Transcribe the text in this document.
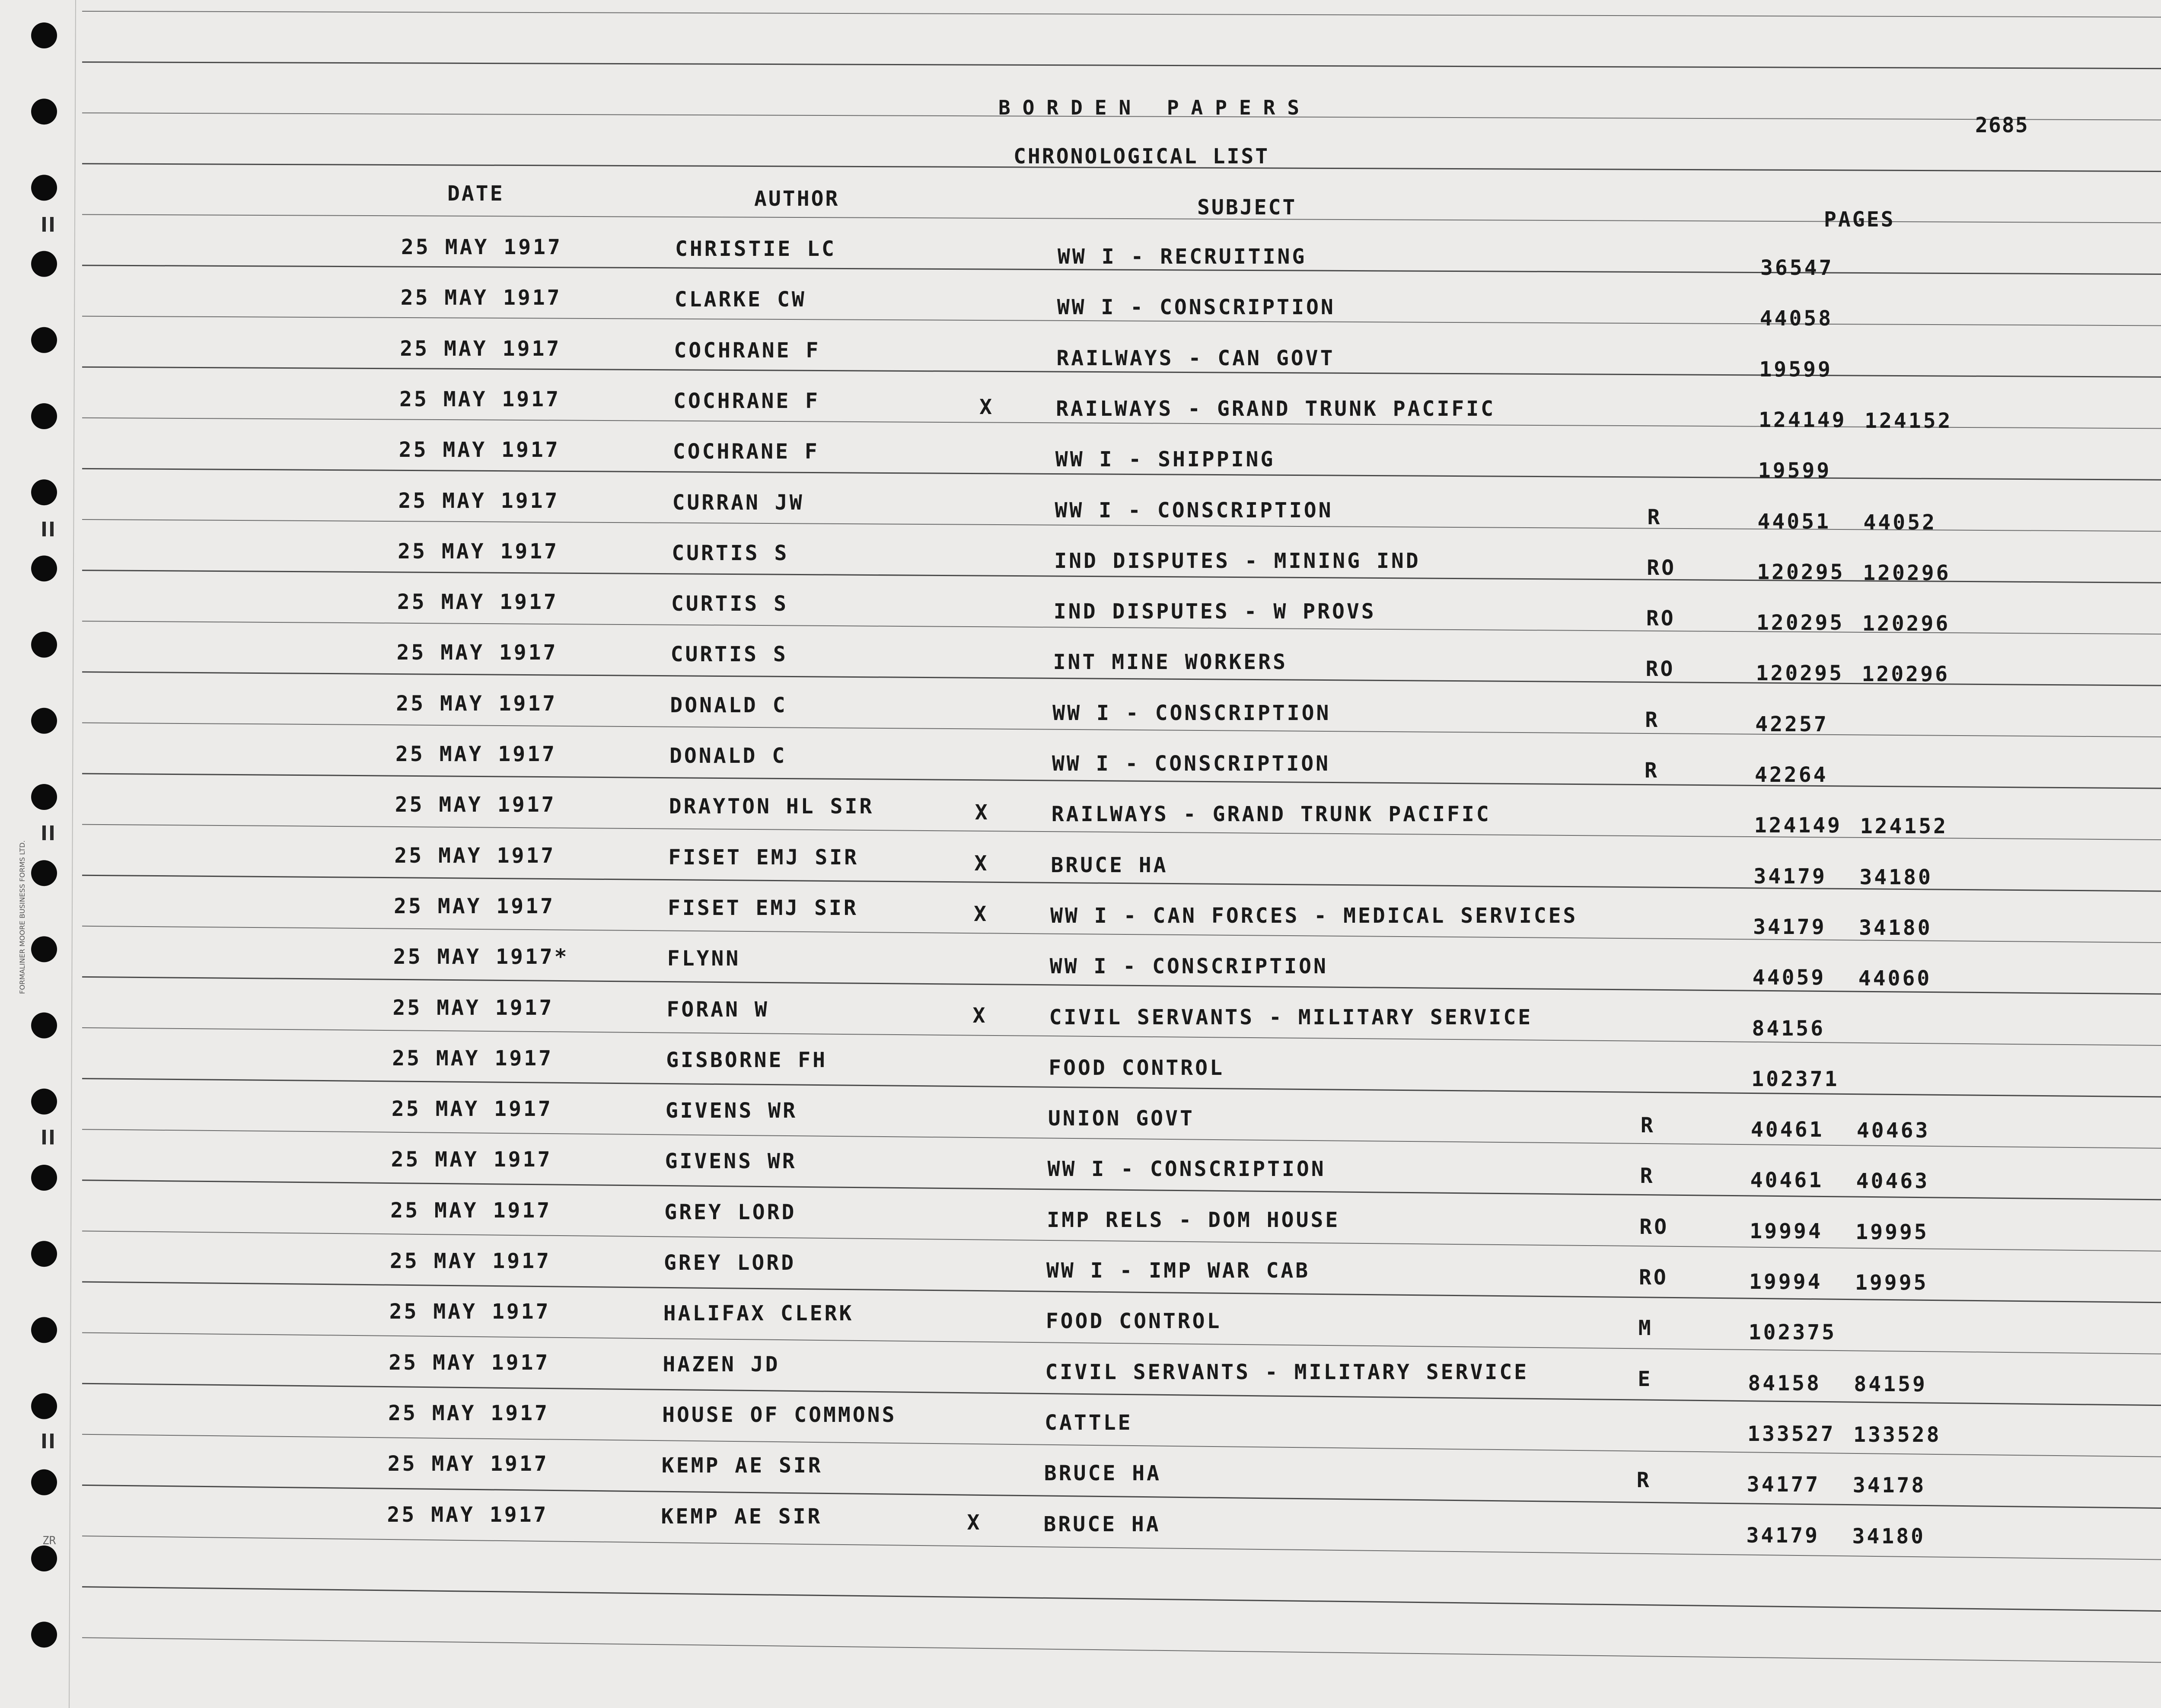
BORDEN PAPERS
2685
CHRONOLOGICAL LIST
DATE	AUTHOR	SUBJECT	PAGES
25 MAY 1917	CHRISTIE LC	WW I - RECRUITING	36547
25 MAY 1917	CLARKE CW	WW I - CONSCRIPTION	44058
25 MAY 1917	COCHRANE F	RAILWAYS - CAN GOVT	19599
25 MAY 1917	COCHRANE F	X	RAILWAYS - GRAND TRUNK PACIFIC	124149 124152
25 MAY 1917	COCHRANE F	WW I - SHIPPING	19599
25 MAY 1917	CURRAN JW	WW I - CONSCRIPTION	R	44051 44052
25 MAY 1917	CURTIS S	IND DISPUTES - MINING IND	RO	120295 120296
25 MAY 1917	CURTIS S	IND DISPUTES - W PROVS	RO	120295 120296
25 MAY 1917	CURTIS S	INT MINE WORKERS	RO	120295 120296
25 MAY 1917	DONALD C	WW I - CONSCRIPTION	R	42257
25 MAY 1917	DONALD C	WW I - CONSCRIPTION	R	42264
25 MAY 1917	DRAYTON HL SIR	X	RAILWAYS - GRAND TRUNK PACIFIC	124149 124152
25 MAY 1917	FISET EMJ SIR	X	BRUCE HA	34179 34180
25 MAY 1917	FISET EMJ SIR	X	WW I - CAN FORCES - MEDICAL SERVICES	34179 34180
25 MAY 1917*	FLYNN	WW I - CONSCRIPTION	44059 44060
25 MAY 1917	FORAN W	X	CIVIL SERVANTS - MILITARY SERVICE	84156
25 MAY 1917	GISBORNE FH	FOOD CONTROL	102371
25 MAY 1917	GIVENS WR	UNION GOVT	R	40461 40463
25 MAY 1917	GIVENS WR	WW I - CONSCRIPTION	R	40461 40463
25 MAY 1917	GREY LORD	IMP RELS - DOM HOUSE	RO	19994 19995
25 MAY 1917	GREY LORD	WW I - IMP WAR CAB	RO	19994 19995
25 MAY 1917	HALIFAX CLERK	FOOD CONTROL	M	102375
25 MAY 1917	HAZEN JD	CIVIL SERVANTS - MILITARY SERVICE	E	84158 84159
25 MAY 1917	HOUSE OF COMMONS	CATTLE	133527 133528
25 MAY 1917	KEMP AE SIR	BRUCE HA	R	34177 34178
25 MAY 1917	KEMP AE SIR	X	BRUCE HA	34179 34180
FORMALINER MOORE BUSINESS FORMS LTD.
ZR
